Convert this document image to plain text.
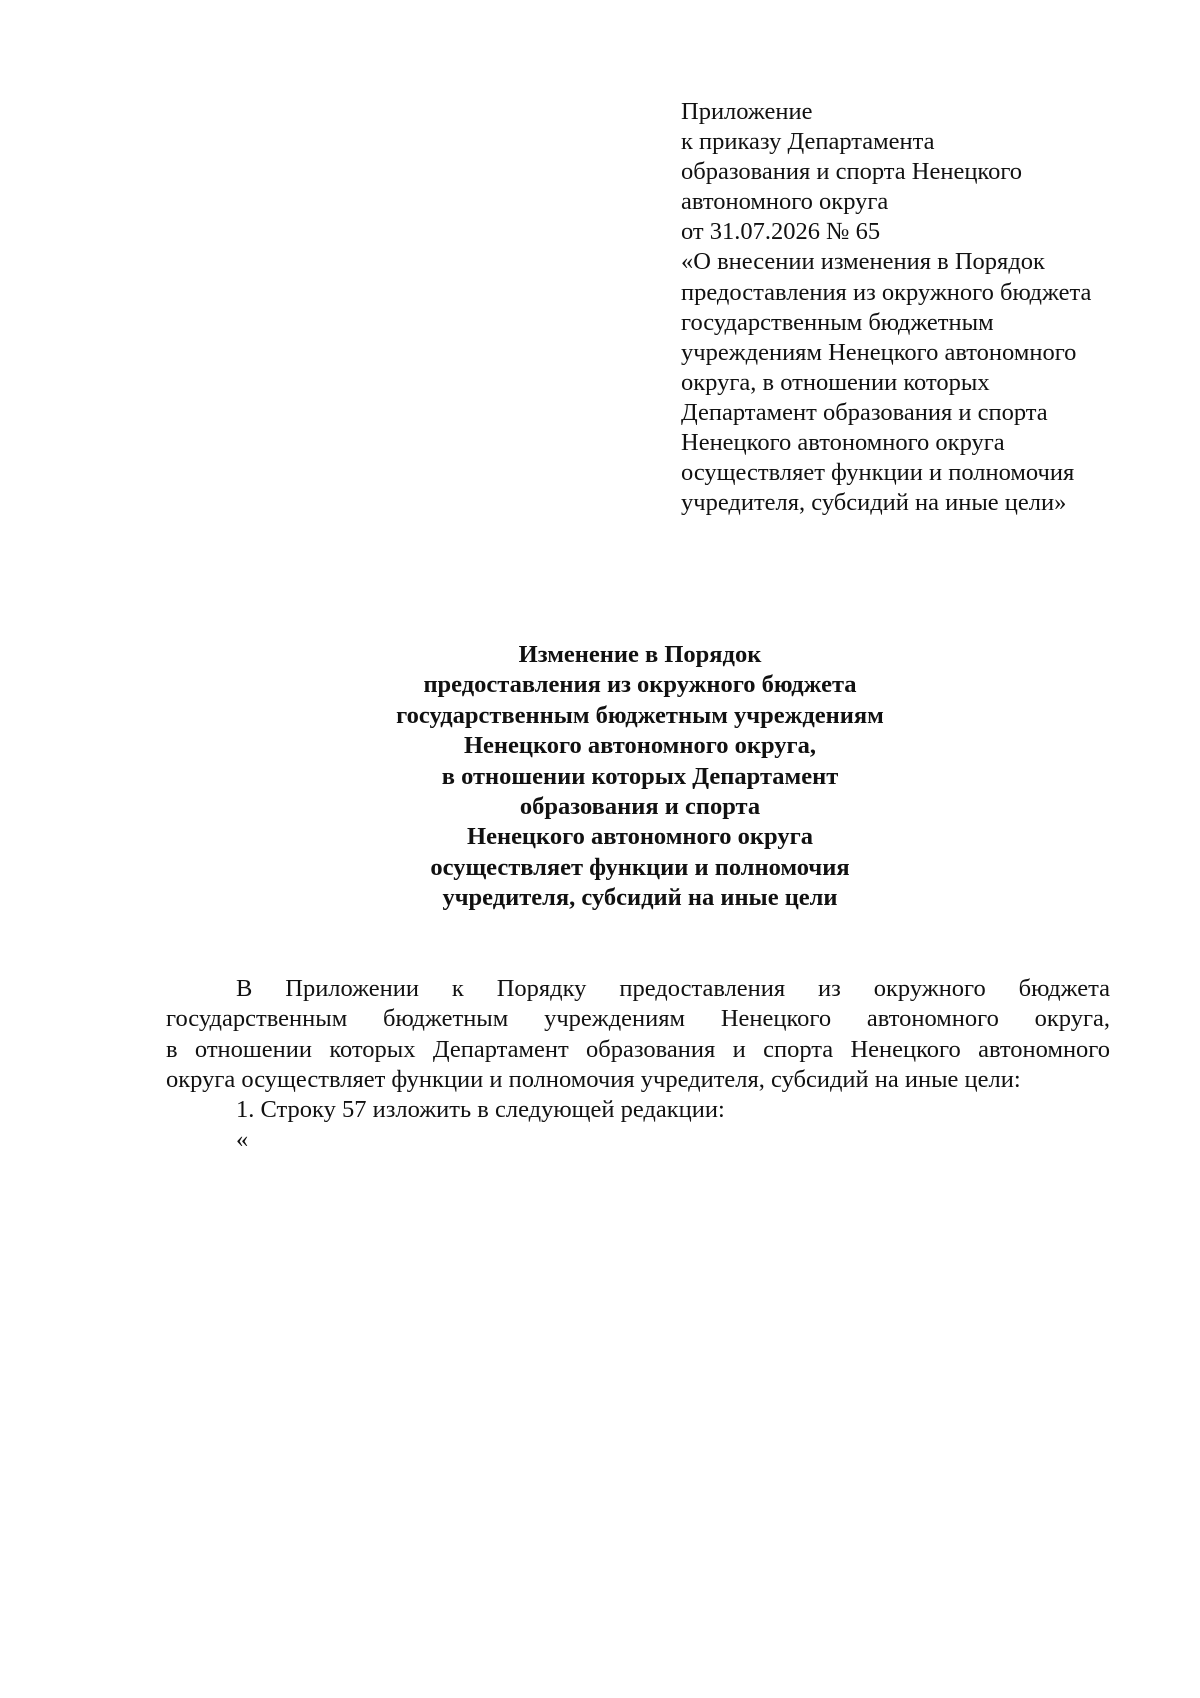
Приложение
к приказу Департамента
образования и спорта Ненецкого
автономного округа
от 31.07.2026 № 65
«О внесении изменения в Порядок
предоставления из окружного бюджета
государственным бюджетным
учреждениям Ненецкого автономного
округа, в отношении которых
Департамент образования и спорта
Ненецкого автономного округа
осуществляет функции и полномочия
учредителя, субсидий на иные цели»
Изменение в Порядок
предоставления из окружного бюджета
государственным бюджетным учреждениям
Ненецкого автономного округа,
в отношении которых Департамент
образования и спорта
Ненецкого автономного округа
осуществляет функции и полномочия
учредителя, субсидий на иные цели
В Приложении к Порядку предоставления из окружного бюджета
государственным бюджетным учреждениям Ненецкого автономного округа,
в отношении которых Департамент образования и спорта Ненецкого автономного
округа осуществляет функции и полномочия учредителя, субсидий на иные цели:
1. Строку 57 изложить в следующей редакции:
«
